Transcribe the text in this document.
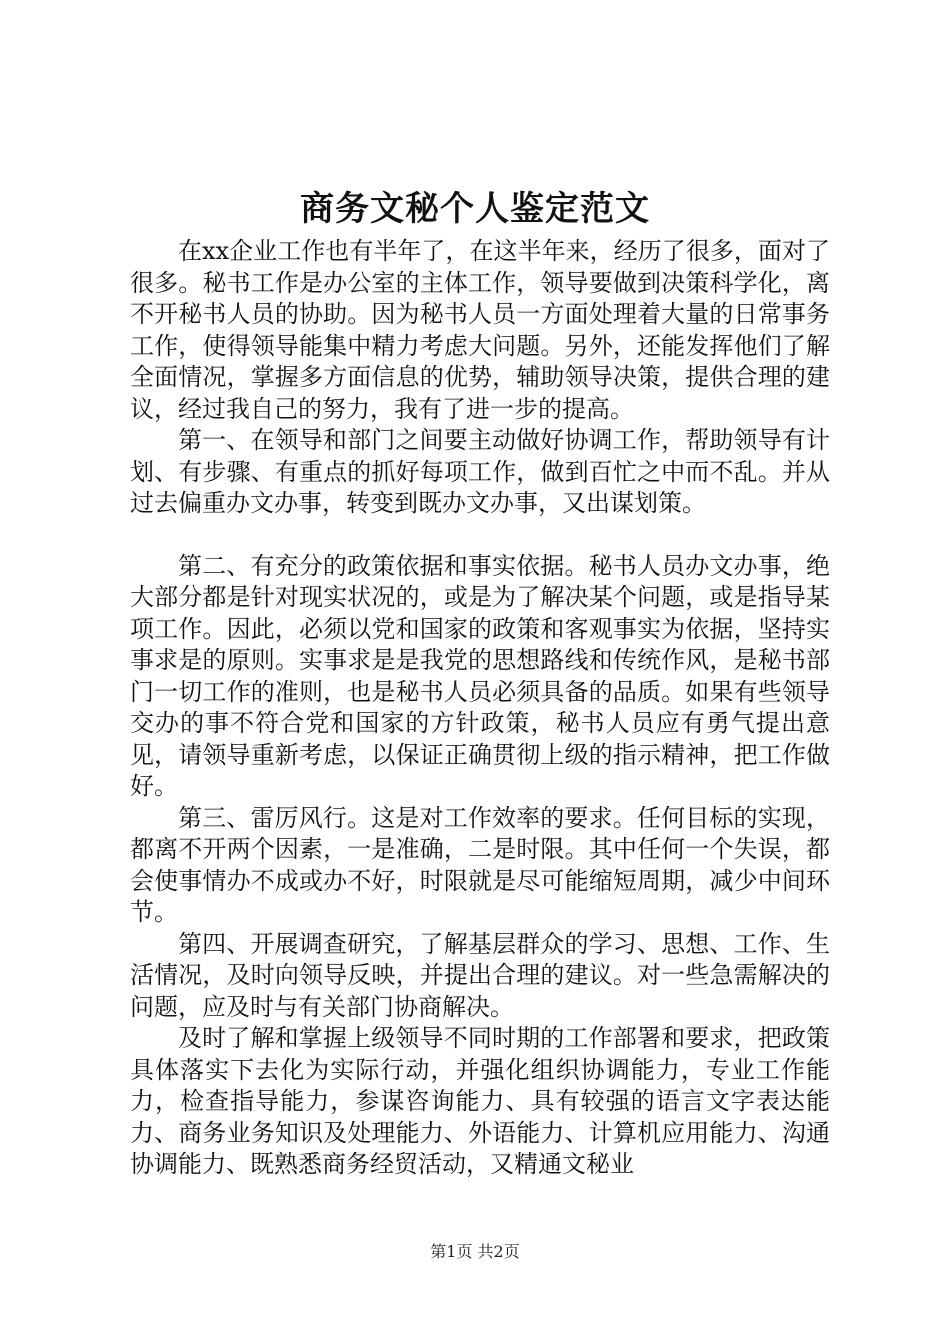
商务文秘个人鉴定范文

在xx企业工作也有半年了，在这半年来，经历了很多，面对了很多。秘书工作是办公室的主体工作，领导要做到决策科学化，离不开秘书人员的协助。因为秘书人员一方面处理着大量的日常事务工作，使得领导能集中精力考虑大问题。另外，还能发挥他们了解全面情况，掌握多方面信息的优势，辅助领导决策，提供合理的建议，经过我自己的努力，我有了进一步的提高。

第一、在领导和部门之间要主动做好协调工作，帮助领导有计划、有步骤、有重点的抓好每项工作，做到百忙之中而不乱。并从过去偏重办文办事，转变到既办文办事，又出谋划策。

第二、有充分的政策依据和事实依据。秘书人员办文办事，绝大部分都是针对现实状况的，或是为了解决某个问题，或是指导某项工作。因此，必须以党和国家的政策和客观事实为依据，坚持实事求是的原则。实事求是是我党的思想路线和传统作风，是秘书部门一切工作的准则，也是秘书人员必须具备的品质。如果有些领导交办的事不符合党和国家的方针政策，秘书人员应有勇气提出意见，请领导重新考虑，以保证正确贯彻上级的指示精神，把工作做好。

第三、雷厉风行。这是对工作效率的要求。任何目标的实现，都离不开两个因素，一是准确，二是时限。其中任何一个失误，都会使事情办不成或办不好，时限就是尽可能缩短周期，减少中间环节。

第四、开展调查研究，了解基层群众的学习、思想、工作、生活情况，及时向领导反映，并提出合理的建议。对一些急需解决的问题，应及时与有关部门协商解决。

及时了解和掌握上级领导不同时期的工作部署和要求，把政策具体落实下去化为实际行动，并强化组织协调能力，专业工作能力，检查指导能力，参谋咨询能力、具有较强的语言文字表达能力、商务业务知识及处理能力、外语能力、计算机应用能力、沟通协调能力、既熟悉商务经贸活动，又精通文秘业

第1页 共2页
